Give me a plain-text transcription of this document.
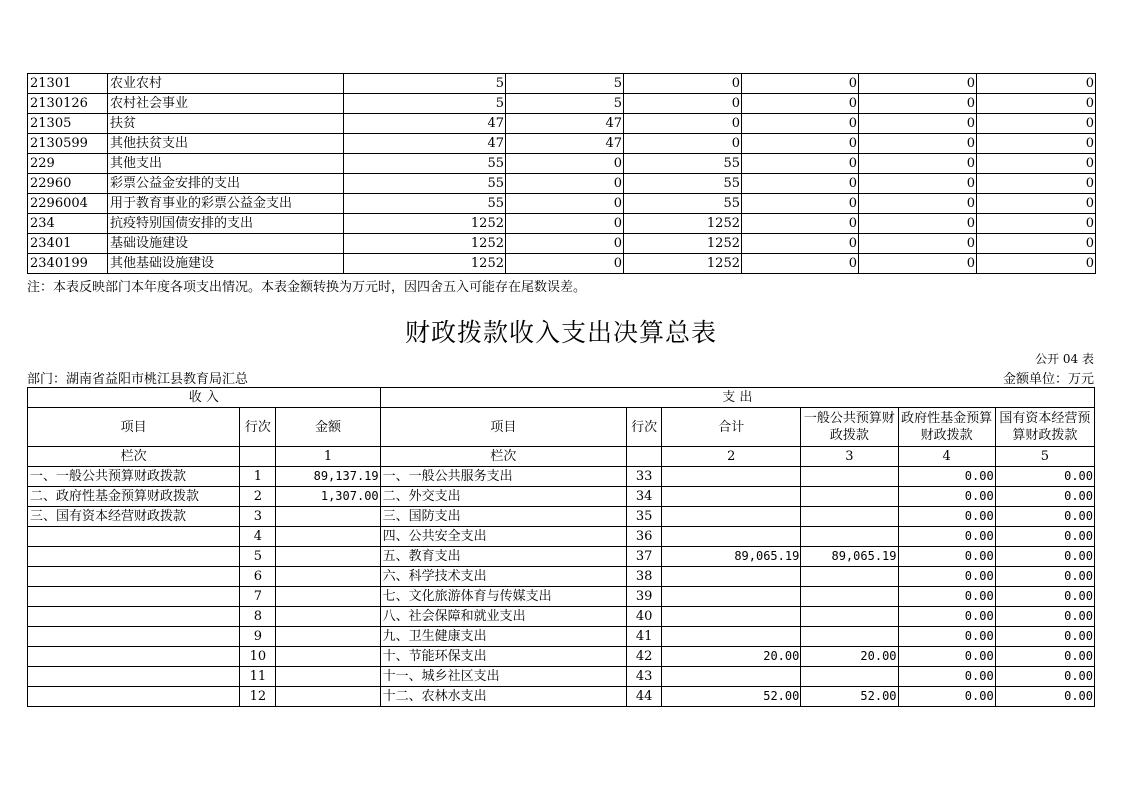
21301	农业农村	5	5	0	0	0	0
2130126	农村社会事业	5	5	0	0	0	0
21305	扶贫	47	47	0	0	0	0
2130599	其他扶贫支出	47	47	0	0	0	0
229	其他支出	55	0	55	0	0	0
22960	彩票公益金安排的支出	55	0	55	0	0	0
2296004	用于教育事业的彩票公益金支出	55	0	55	0	0	0
234	抗疫特别国债安排的支出	1252	0	1252	0	0	0
23401	基础设施建设	1252	0	1252	0	0	0
2340199	其他基础设施建设	1252	0	1252	0	0	0
注：本表反映部门本年度各项支出情况。本表金额转换为万元时，因四舍五入可能存在尾数误差。
财政拨款收入支出决算总表
公开 04 表
部门：湖南省益阳市桃江县教育局汇总	金额单位：万元
收 入			支 出					
项目	行次	金额	项目	行次	合计	一般公共预算财政拨款	政府性基金预算财政拨款	国有资本经营预算财政拨款
栏次		1	栏次		2	3	4	5
一、一般公共预算财政拨款	1	89,137.19	一、一般公共服务支出	33			0.00	0.00
二、政府性基金预算财政拨款	2	1,307.00	二、外交支出	34			0.00	0.00
三、国有资本经营财政拨款	3		三、国防支出	35			0.00	0.00
	4		四、公共安全支出	36			0.00	0.00
	5		五、教育支出	37	89,065.19	89,065.19	0.00	0.00
	6		六、科学技术支出	38			0.00	0.00
	7		七、文化旅游体育与传媒支出	39			0.00	0.00
	8		八、社会保障和就业支出	40			0.00	0.00
	9		九、卫生健康支出	41			0.00	0.00
	10		十、节能环保支出	42	20.00	20.00	0.00	0.00
	11		十一、城乡社区支出	43			0.00	0.00
	12		十二、农林水支出	44	52.00	52.00	0.00	0.00
